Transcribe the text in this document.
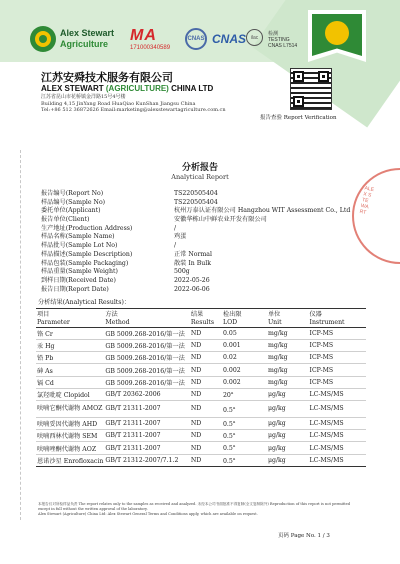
Alex Stewart
Agriculture	MA
171000340589
CNAS CNAS ilac
检测
TESTING
CNAS L7514
江苏安舜技术服务有限公司
ALEX STEWART (AGRICULTURE) CHINA LTD
江苏省昆山市花桥镇金洋路15号4号楼
Building 4,15 JinYang Road HuaQiao KunShan Jiangsu China
Tel:+86 512 36872626 Email:marketing@alexstewartagriculture.com.cn
报告查验 Report Verification
分析报告
Analytical Report
报告编号(Report No)	TS220505404
样品编号(Sample No)	TS220505404
委托单位(Applicant)	杭州万泰认证有限公司 Hangzhou WIT Assessment Co., Ltd
报告单位(Client)	安徽华栋山中鲜农业开发有限公司
生产地址(Production Address)	/
样品名称(Sample Name)	鸡蛋
样品批号(Sample Lot No)	/
样品描述(Sample Description)	正常 Normal
样品包装(Sample Packaging)	散装 In Bulk
样品重量(Sample Weight)	500g
到样日期(Received Date)	2022-05-26
报告日期(Report Date)	2022-06-06
分析结果(Analytical Results)：
项目	方法	结果	检出限	单位	仪器
Parameter	Method	Results	LOD	Unit	Instrument
铬 Cr	GB 5009.268-2016/第一法	ND	0.05	mg/kg	ICP-MS
汞 Hg	GB 5009.268-2016/第一法	ND	0.001	mg/kg	ICP-MS
铅 Pb	GB 5009.268-2016/第一法	ND	0.02	mg/kg	ICP-MS
砷 As	GB 5009.268-2016/第一法	ND	0.002	mg/kg	ICP-MS
镉 Cd	GB 5009.268-2016/第一法	ND	0.002	mg/kg	ICP-MS
氯羟吡啶 Clopidol	GB/T 20362-2006	ND	20$^a$	μg/kg	LC-MS/MS
呋喃它酮代谢物 AMOZ	GB/T 21311-2007	ND	0.5$^a$	μg/kg	LC-MS/MS
呋喃妥因代谢物 AHD	GB/T 21311-2007	ND	0.5$^a$	μg/kg	LC-MS/MS
呋喃西林代谢物 SEM	GB/T 21311-2007	ND	0.5$^a$	μg/kg	LC-MS/MS
呋喃唑酮代谢物 AOZ	GB/T 21311-2007	ND	0.5$^a$	μg/kg	LC-MS/MS
恩诺沙星 Enrofloxacin	GB/T 21312-2007/7.1.2	ND	0.5$^a$	μg/kg	LC-MS/MS
本报告仅对所检样品负责 The report relates only to the samples as received and analyzed. 未经本公司书面批准不得复制(全文复制除外) Reproduction of this report is not permitted except in full without the written approval of the laboratory.
Alex Stewart (Agriculture) China Ltd: Alex Stewart General Terms and Conditions apply, which are available on request.
页码 Page No. 1 / 3
ALEX STEWART
